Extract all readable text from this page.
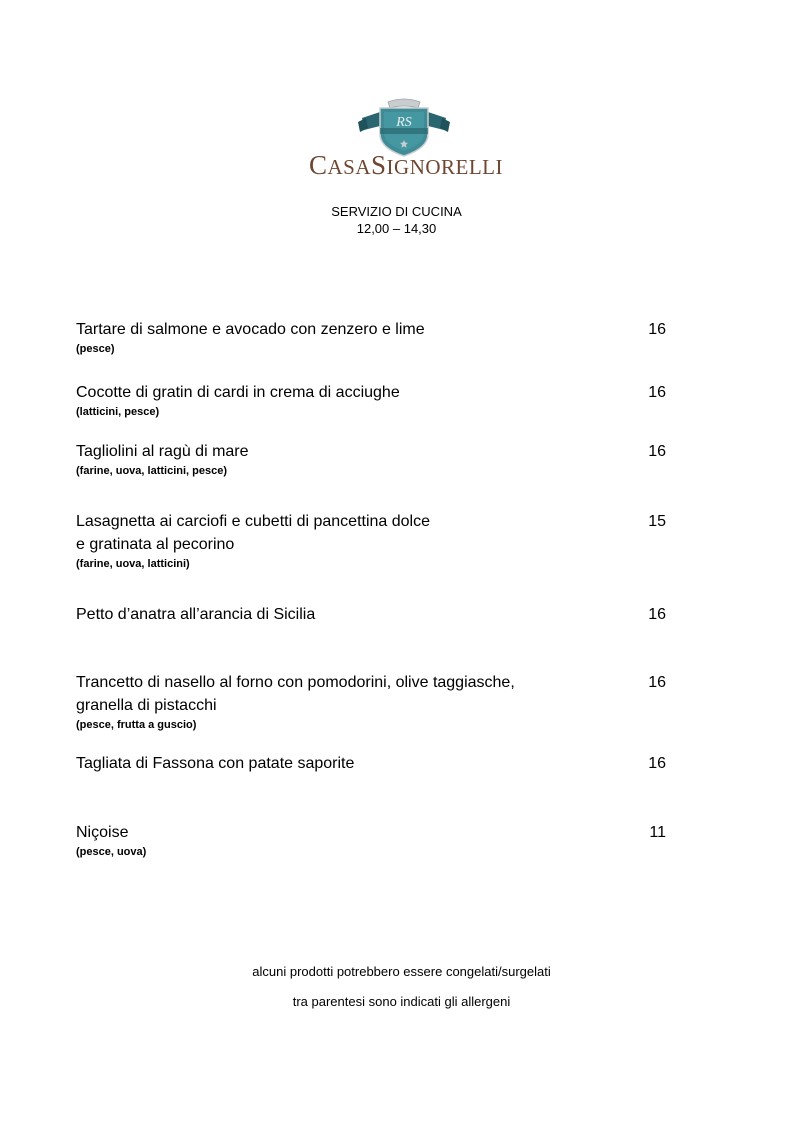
RS
CASASIGNORELLI
SERVIZIO DI CUCINA
12,00 – 14,30
Tartare di salmone e avocado con zenzero e lime
(pesce)
16
Cocotte di gratin di cardi in crema di acciughe
(latticini, pesce)
16
Tagliolini al ragù di mare
(farine, uova, latticini, pesce)
16
Lasagnetta ai carciofi e cubetti di pancettina dolce
e gratinata al pecorino
(farine, uova, latticini)
15
Petto d’anatra all’arancia di Sicilia	16
Trancetto di nasello al forno con pomodorini, olive taggiasche,
granella di pistacchi
(pesce, frutta a guscio)
16
Tagliata di Fassona con patate saporite	16
Niçoise
(pesce, uova)
11
alcuni prodotti potrebbero essere congelati/surgelati
tra parentesi sono indicati gli allergeni
